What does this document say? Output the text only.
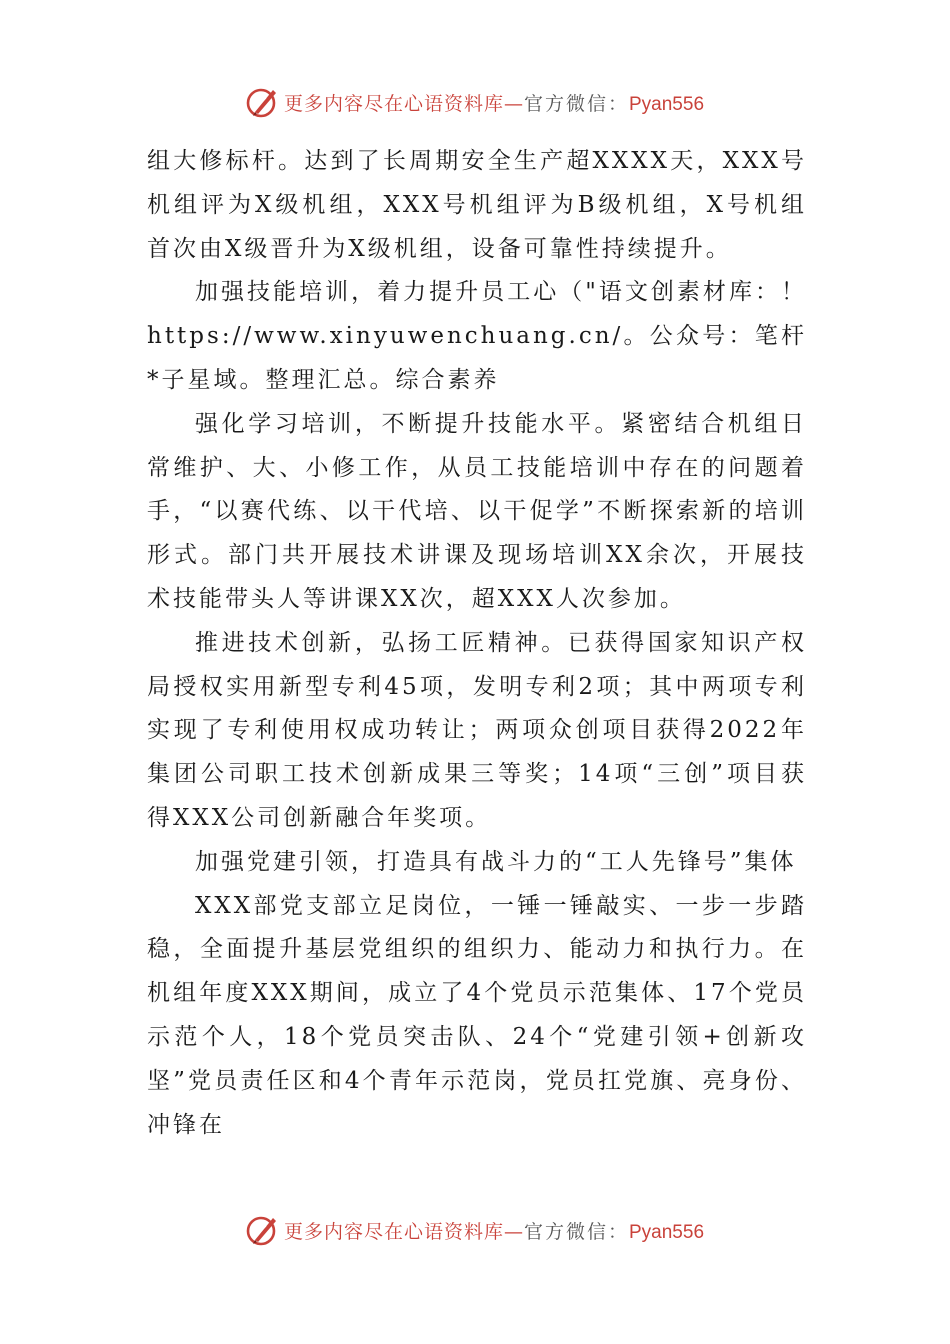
更多内容尽在心语资料库—官方微信：Pyan556

组大修标杆。达到了长周期安全生产超XXXX天，XXX号机组评为X级机组，XXX号机组评为B级机组，X号机组首次由X级晋升为X级机组，设备可靠性持续提升。

加强技能培训，着力提升员工心（"语文创素材库：！https://www.xinyuwenchuang.cn/。公众号：笔杆*子星域。整理汇总。综合素养

强化学习培训，不断提升技能水平。紧密结合机组日常维护、大、小修工作，从员工技能培训中存在的问题着手，“以赛代练、以干代培、以干促学”不断探索新的培训形式。部门共开展技术讲课及现场培训XX余次，开展技术技能带头人等讲课XX次，超XXX人次参加。

推进技术创新，弘扬工匠精神。已获得国家知识产权局授权实用新型专利45项，发明专利2项；其中两项专利实现了专利使用权成功转让；两项众创项目获得2022年集团公司职工技术创新成果三等奖；14项“三创”项目获得XXX公司创新融合年奖项。

加强党建引领，打造具有战斗力的“工人先锋号”集体

XXX部党支部立足岗位，一锤一锤敲实、一步一步踏稳，全面提升基层党组织的组织力、能动力和执行力。在机组年度XXX期间，成立了4个党员示范集体、17个党员示范个人，18个党员突击队、24个“党建引领+创新攻坚”党员责任区和4个青年示范岗，党员扛党旗、亮身份、冲锋在

更多内容尽在心语资料库—官方微信：Pyan556
